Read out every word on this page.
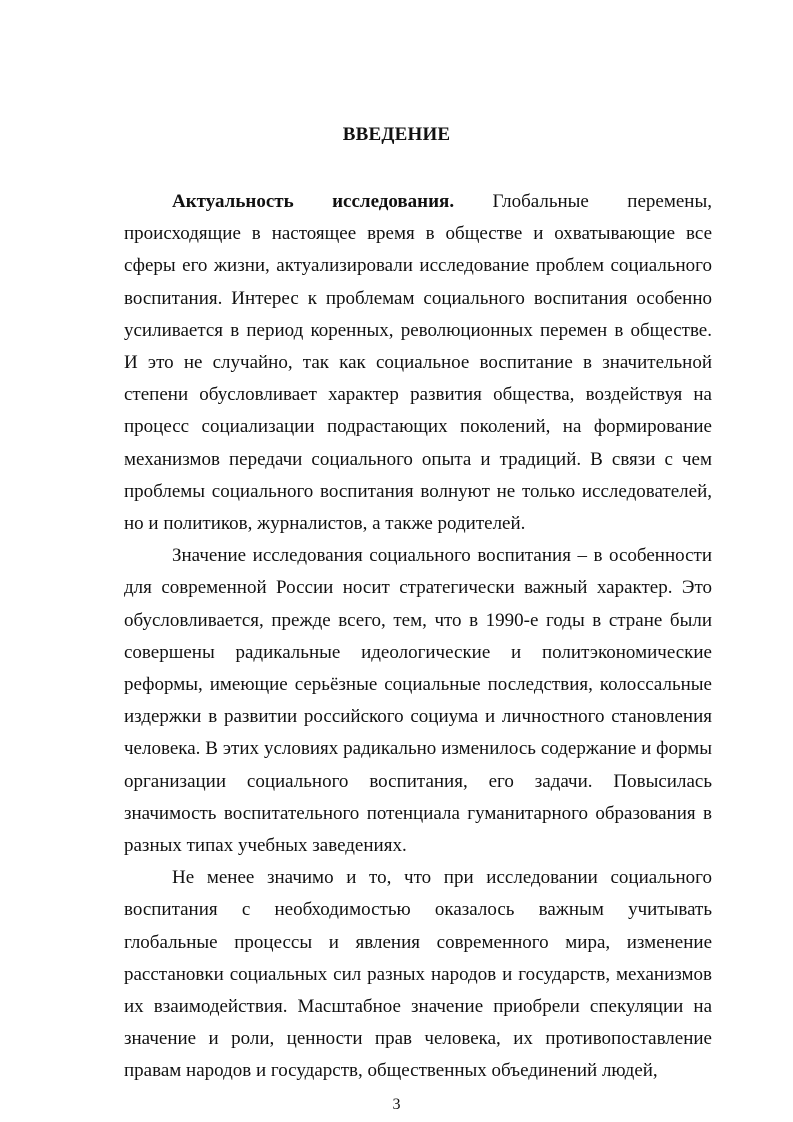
ВВЕДЕНИЕ

Актуальность исследования. Глобальные перемены, происходящие в настоящее время в обществе и охватывающие все сферы его жизни, актуализировали исследование проблем социального воспитания. Интерес к проблемам социального воспитания особенно усиливается в период коренных, революционных перемен в обществе. И это не случайно, так как социальное воспитание в значительной степени обусловливает характер развития общества, воздействуя на процесс социализации подрастающих поколений, на формирование механизмов передачи социального опыта и традиций. В связи с чем проблемы социального воспитания волнуют не только исследователей, но и политиков, журналистов, а также родителей.

Значение исследования социального воспитания – в особенности для современной России носит стратегически важный характер. Это обусловливается, прежде всего, тем, что в 1990-е годы в стране были совершены радикальные идеологические и политэкономические реформы, имеющие серьёзные социальные последствия, колоссальные издержки в развитии российского социума и личностного становления человека. В этих условиях радикально изменилось содержание и формы организации социального воспитания, его задачи. Повысилась значимость воспитательного потенциала гуманитарного образования в разных типах учебных заведениях.

Не менее значимо и то, что при исследовании социального воспитания с необходимостью оказалось важным учитывать глобальные процессы и явления современного мира, изменение расстановки социальных сил разных народов и государств, механизмов их взаимодействия. Масштабное значение приобрели спекуляции на значение и роли, ценности прав человека, их противопоставление правам народов и государств, общественных объединений людей,

3
